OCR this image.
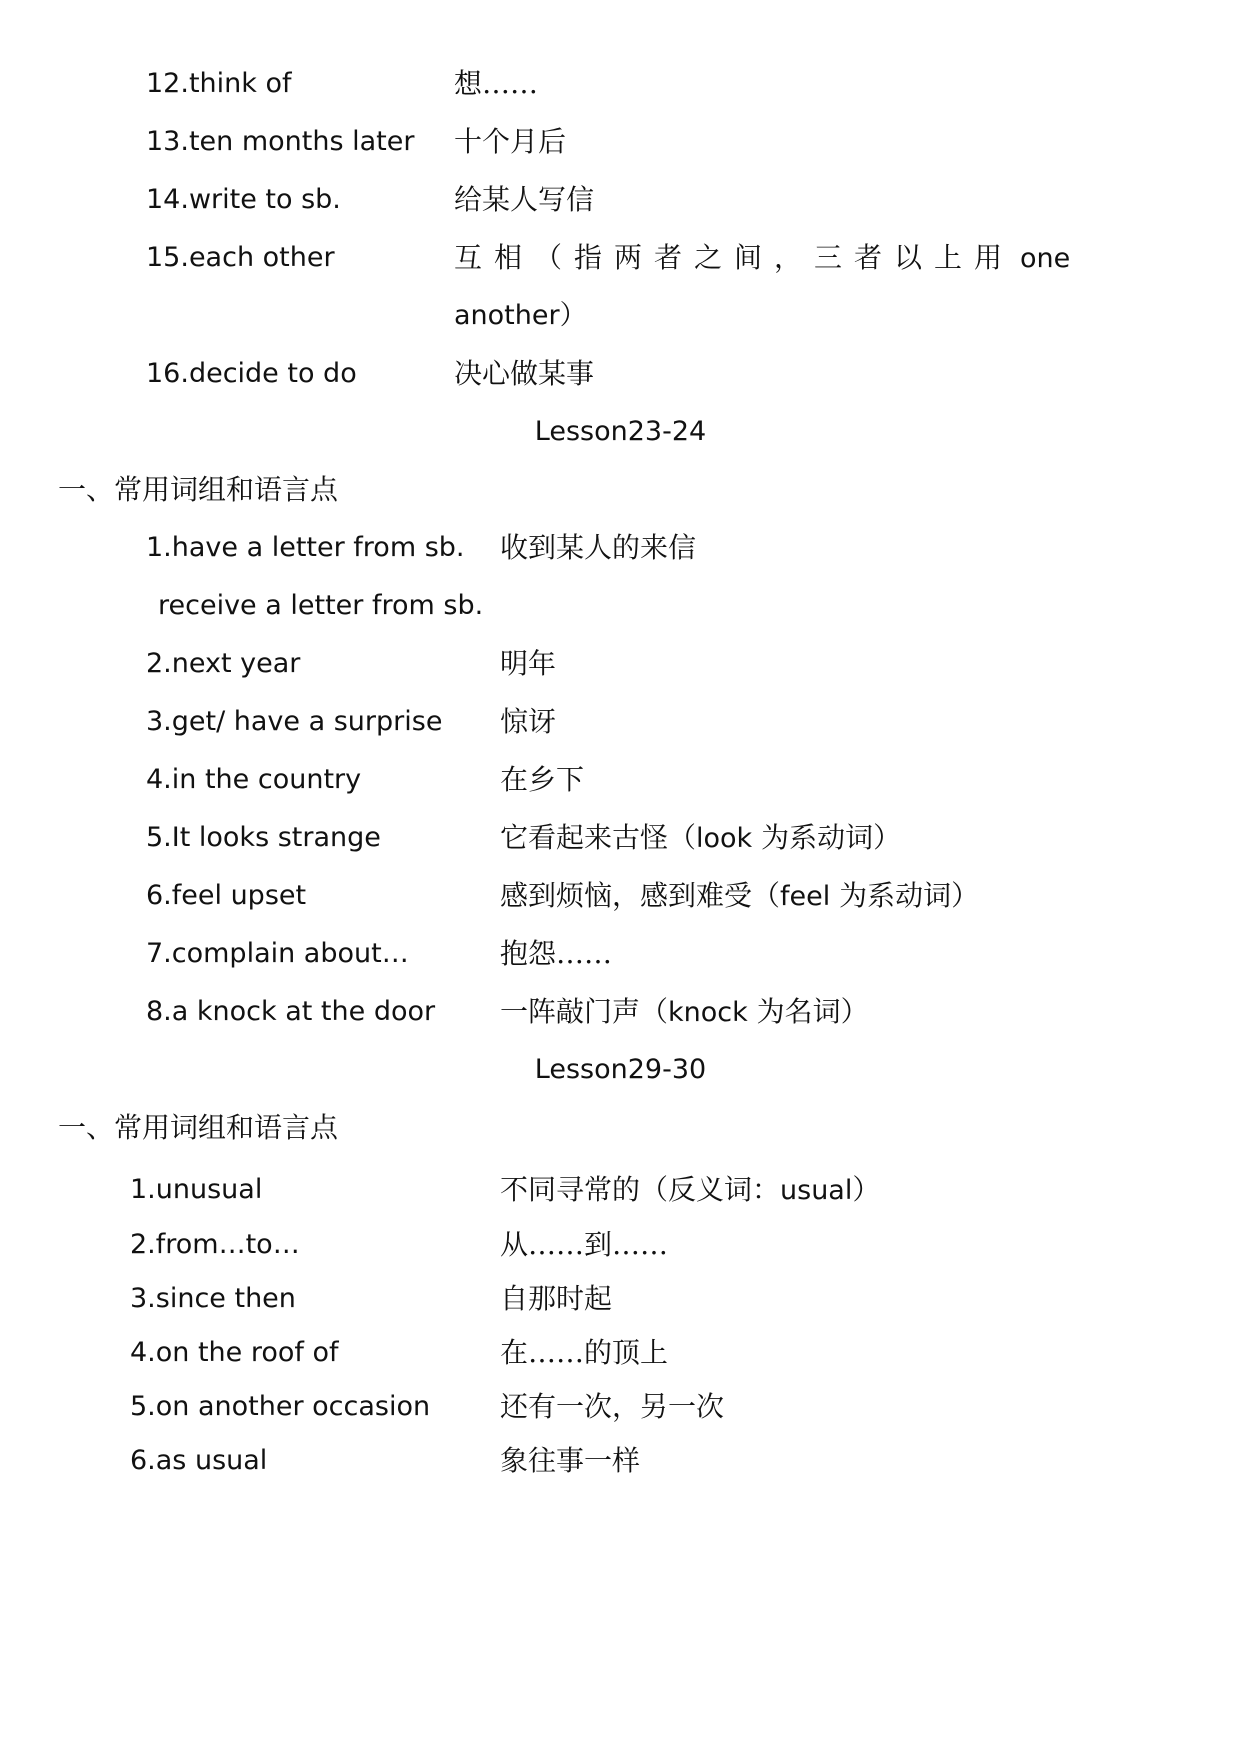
12.think of	想……
13.ten months later 十个月后
14.write to sb.	给某人写信
15.each other	互相（指两者之间，三者以上用 one
another）
16.decide to do	决心做某事
Lesson23-24
一、常用词组和语言点
1.have a letter from sb. 收到某人的来信
receive a letter from sb.
2.next year	明年
3.get/ have a surprise 惊讶
4.in the country	在乡下
5.It looks strange	它看起来古怪（look 为系动词）
6.feel upset	感到烦恼，感到难受（feel 为系动词）
7.complain about…	抱怨……
8.a knock at the door 一阵敲门声（knock 为名词）
Lesson29-30
一、常用词组和语言点
1.unusual	不同寻常的（反义词：usual）
2.from…to…	从……到……
3.since then	自那时起
4.on the roof of	在……的顶上
5.on another occasion 还有一次，另一次
6.as usual	象往事一样
